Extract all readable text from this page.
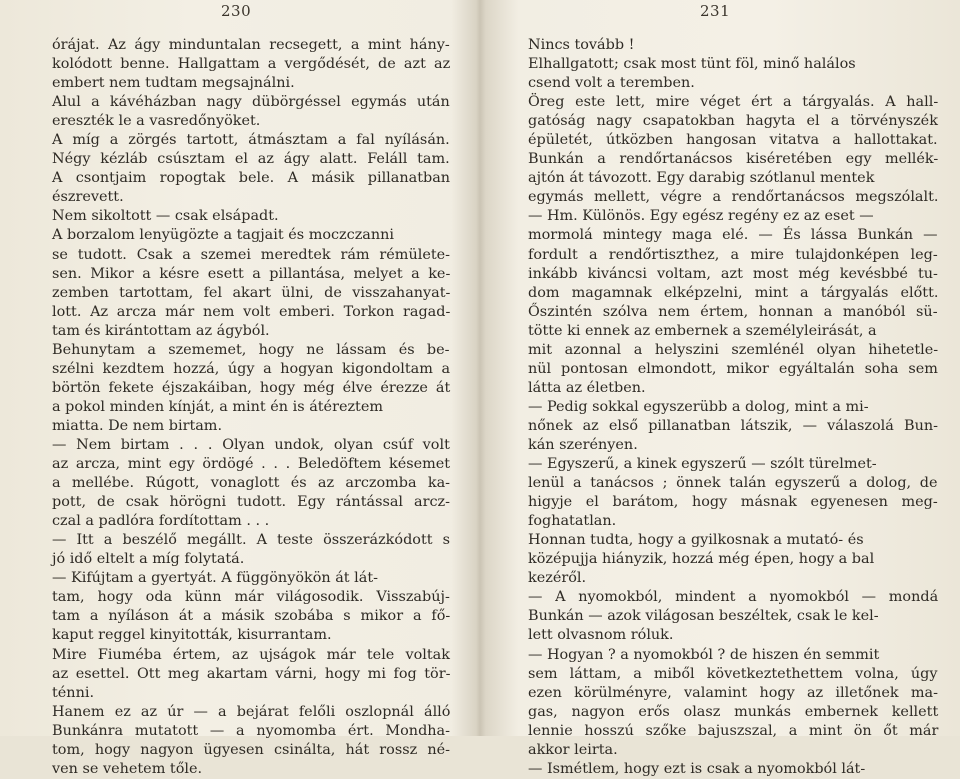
230
órájat. Az ágy minduntalan recsegett, a mint hány-
kolódott benne. Hallgattam a vergődését, de azt az
embert nem tudtam megsajnálni.
Alul a kávéházban nagy dübörgéssel egymás után
ereszték le a vasredőnyöket.
A míg a zörgés tartott, átmásztam a fal nyílásán.
Négy kézláb csúsztam el az ágy alatt. Feláll tam.
A csontjaim ropogtak bele. A másik pillanatban
észrevett.
Nem sikoltott — csak elsápadt.
A borzalom lenyügözte a tagjait és moczczanni
se tudott. Csak a szemei meredtek rám rémülete-
sen. Mikor a késre esett a pillantása, melyet a ke-
zemben tartottam, fel akart ülni, de visszahanyat-
lott. Az arcza már nem volt emberi. Torkon ragad-
tam és kirántottam az ágyból.
Behunytam a szememet, hogy ne lássam és be-
szélni kezdtem hozzá, úgy a hogyan kigondoltam a
börtön fekete éjszakáiban, hogy még élve érezze át
a pokol minden kínját, a mint én is átéreztem
miatta. De nem birtam.
— Nem birtam . . . Olyan undok, olyan csúf volt
az arcza, mint egy ördögé . . . Beledöftem késemet
a mellébe. Rúgott, vonaglott és az arczomba ka-
pott, de csak hörögni tudott. Egy rántással arcz-
czal a padlóra fordítottam . . .
— Itt a beszélő megállt. A teste összerázkódott s
jó idő eltelt a míg folytatá.
— Kifújtam a gyertyát. A függönyökön át lát-
tam, hogy oda künn már világosodik. Visszabúj-
tam a nyíláson át a másik szobába s mikor a fő-
kaput reggel kinyitották, kisurrantam.
Mire Fiuméba értem, az ujságok már tele voltak
az esettel. Ott meg akartam várni, hogy mi fog tör-
ténni.
Hanem ez az úr — a bejárat felőli oszlopnál álló
Bunkánra mutatott — a nyomomba ért. Mondha-
tom, hogy nagyon ügyesen csinálta, hát rossz né-
ven se vehetem tőle.
231
Nincs tovább !
Elhallgatott; csak most tünt föl, minő halálos
csend volt a teremben.
Öreg este lett, mire véget ért a tárgyalás. A hall-
gatóság nagy csapatokban hagyta el a törvényszék
épületét, útközben hangosan vitatva a hallottakat.
Bunkán a rendőrtanácsos kiséretében egy mellék-
ajtón át távozott. Egy darabig szótlanul mentek
egymás mellett, végre a rendőrtanácsos megszólalt.
— Hm. Különös. Egy egész regény ez az eset —
mormolá mintegy maga elé. — És lássa Bunkán —
fordult a rendőrtiszthez, a mire tulajdonképen leg-
inkább kiváncsi voltam, azt most még kevésbbé tu-
dom magamnak elképzelni, mint a tárgyalás előtt.
Őszintén szólva nem értem, honnan a manóból sü-
tötte ki ennek az embernek a személyleirását, a
mit azonnal a helyszini szemlénél olyan hihetetle-
nül pontosan elmondott, mikor egyáltalán soha sem
látta az életben.
— Pedig sokkal egyszerübb a dolog, mint a mi-
nőnek az első pillanatban látszik, — válaszolá Bun-
kán szerényen.
— Egyszerű, a kinek egyszerű — szólt türelmet-
lenül a tanácsos ; önnek talán egyszerű a dolog, de
higyje el barátom, hogy másnak egyenesen meg-
foghatatlan.
Honnan tudta, hogy a gyilkosnak a mutató- és
középujja hiányzik, hozzá még épen, hogy a bal
kezéről.
— A nyomokból, mindent a nyomokból — mondá
Bunkán — azok világosan beszéltek, csak le kel-
lett olvasnom róluk.
— Hogyan ? a nyomokból ? de hiszen én semmit
sem láttam, a miből következtethettem volna, úgy
ezen körülményre, valamint hogy az illetőnek ma-
gas, nagyon erős olasz munkás embernek kellett
lennie hosszú szőke bajuszszal, a mint ön őt már
akkor leirta.
— Ismétlem, hogy ezt is csak a nyomokból lát-
